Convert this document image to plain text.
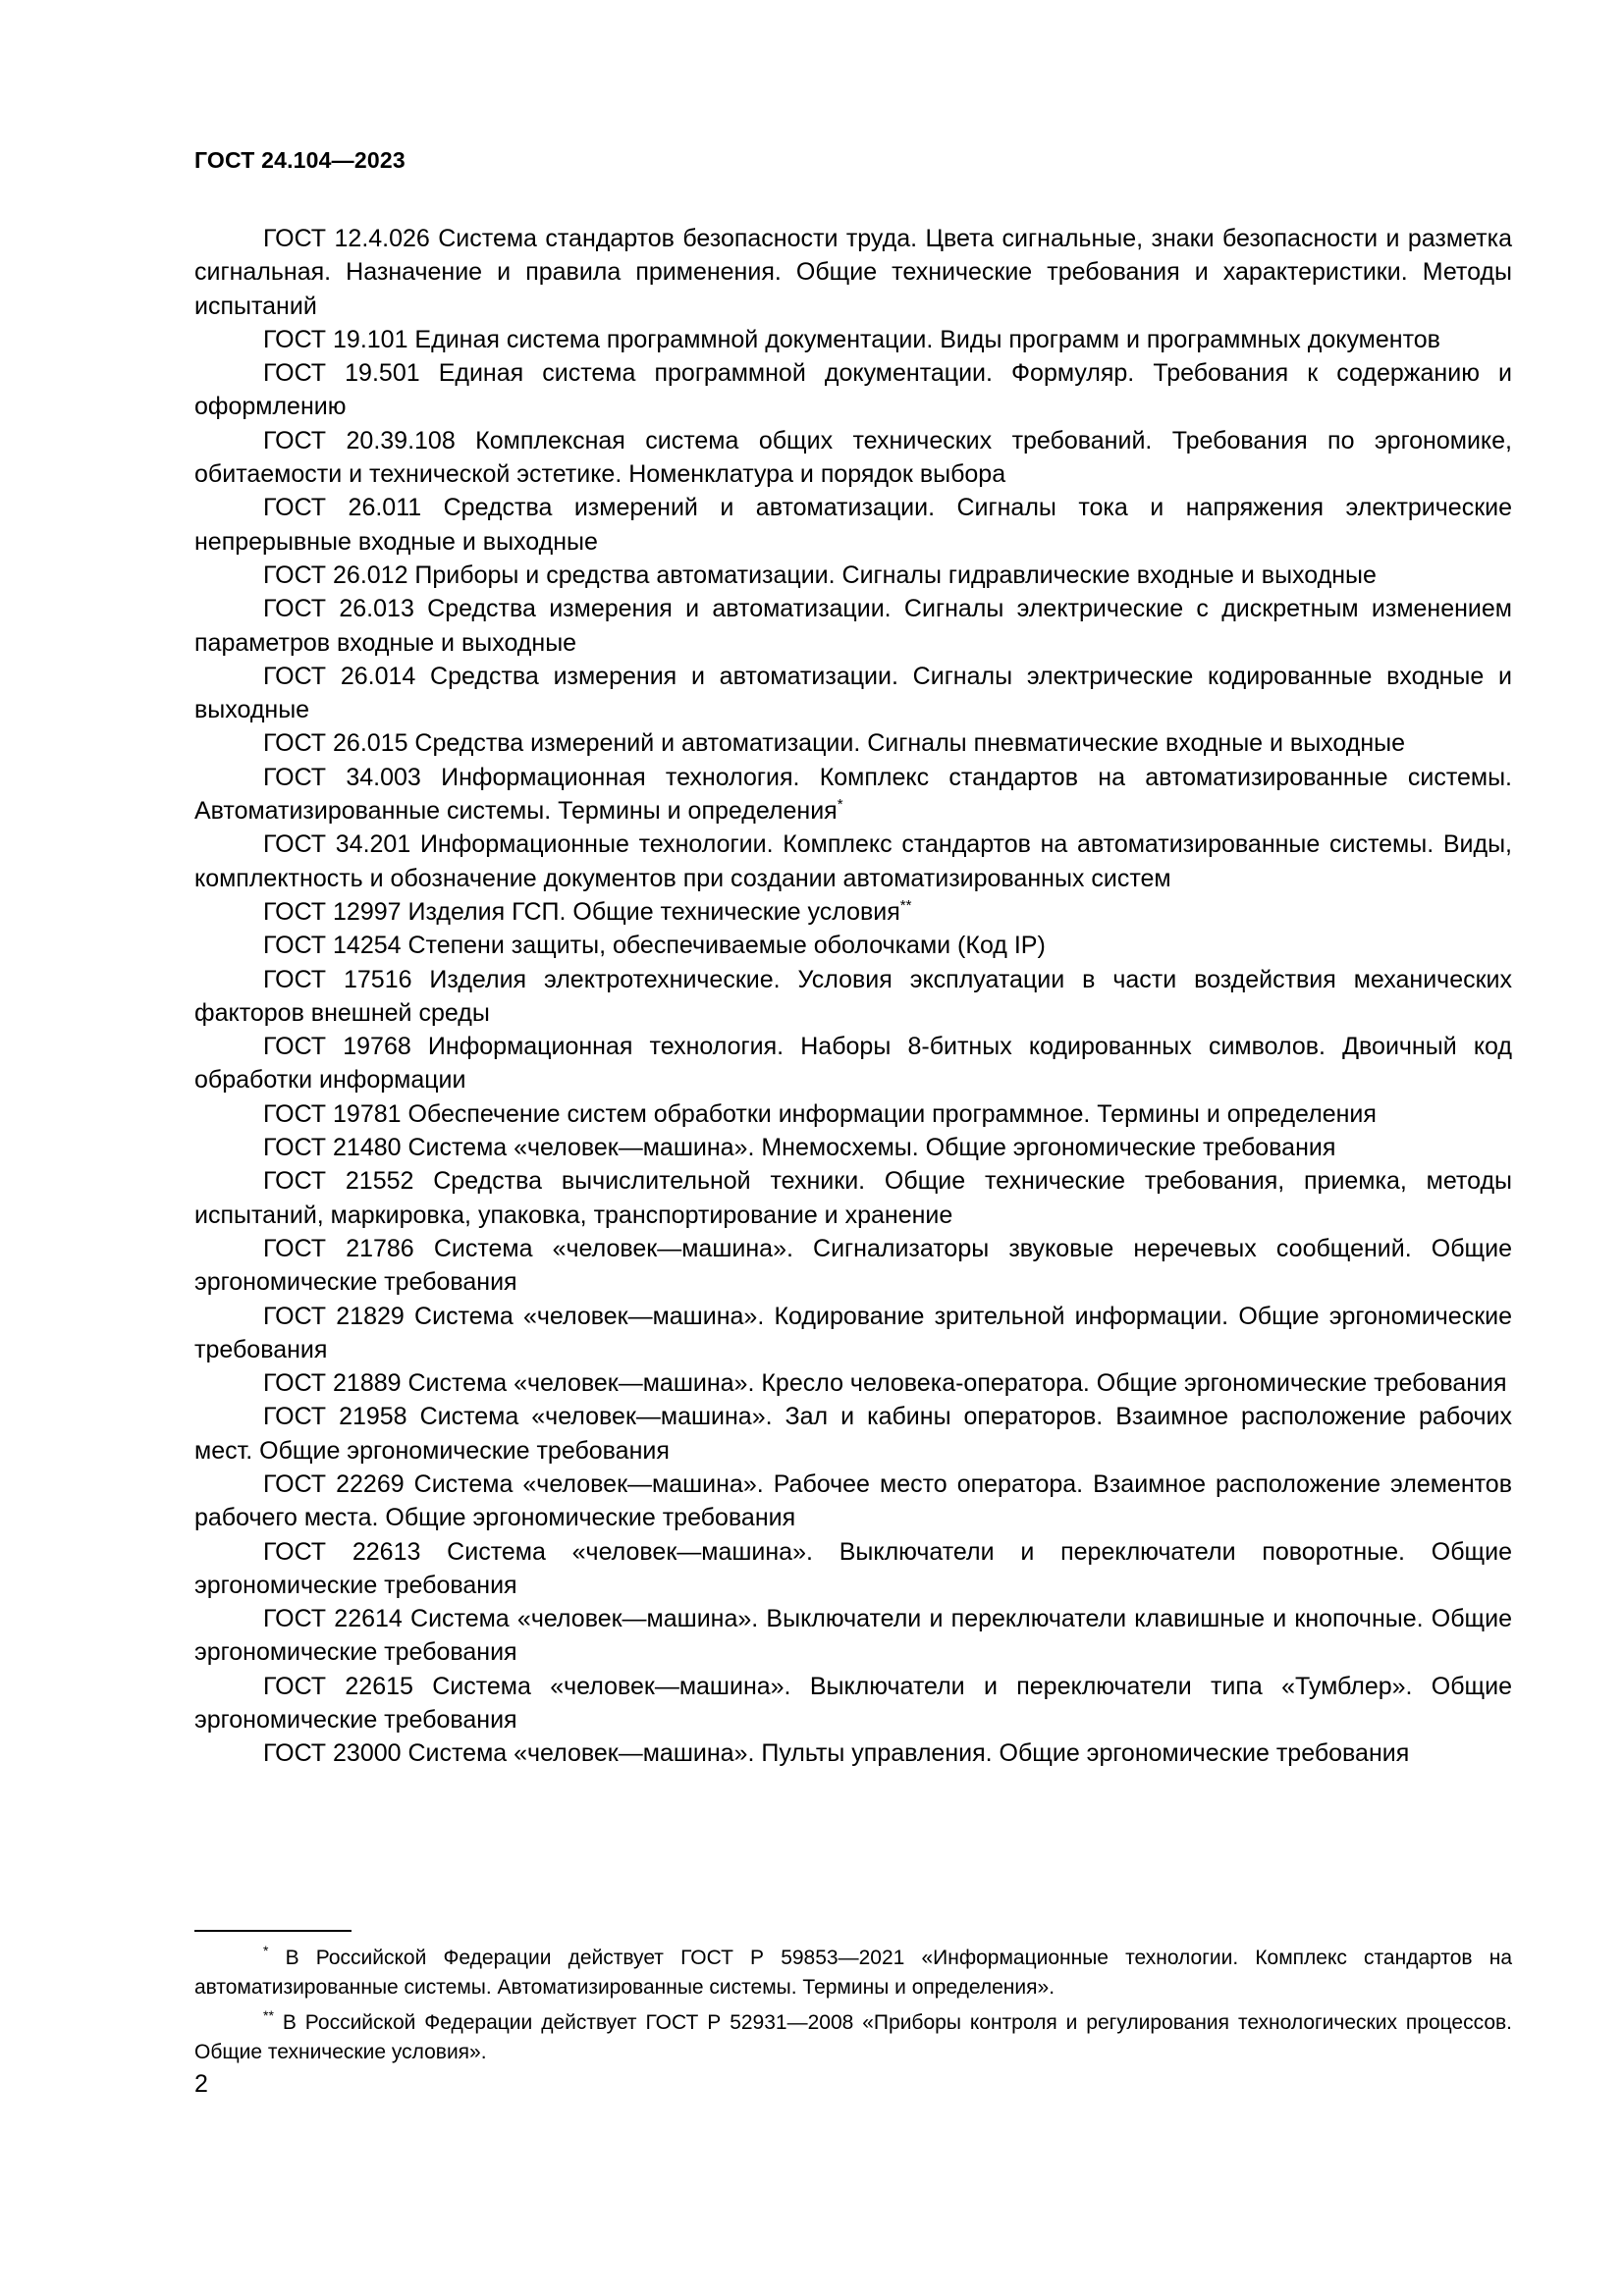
ГОСТ 24.104—2023

ГОСТ 12.4.026 Система стандартов безопасности труда. Цвета сигнальные, знаки безопасности и разметка сигнальная. Назначение и правила применения. Общие технические требования и характеристики. Методы испытаний

ГОСТ 19.101 Единая система программной документации. Виды программ и программных документов

ГОСТ 19.501 Единая система программной документации. Формуляр. Требования к содержанию и оформлению

ГОСТ 20.39.108 Комплексная система общих технических требований. Требования по эргономике, обитаемости и технической эстетике. Номенклатура и порядок выбора

ГОСТ 26.011 Средства измерений и автоматизации. Сигналы тока и напряжения электрические непрерывные входные и выходные

ГОСТ 26.012 Приборы и средства автоматизации. Сигналы гидравлические входные и выходные

ГОСТ 26.013 Средства измерения и автоматизации. Сигналы электрические с дискретным изменением параметров входные и выходные

ГОСТ 26.014 Средства измерения и автоматизации. Сигналы электрические кодированные входные и выходные

ГОСТ 26.015 Средства измерений и автоматизации. Сигналы пневматические входные и выходные

ГОСТ 34.003 Информационная технология. Комплекс стандартов на автоматизированные системы. Автоматизированные системы. Термины и определения*

ГОСТ 34.201 Информационные технологии. Комплекс стандартов на автоматизированные системы. Виды, комплектность и обозначение документов при создании автоматизированных систем

ГОСТ 12997 Изделия ГСП. Общие технические условия**

ГОСТ 14254 Степени защиты, обеспечиваемые оболочками (Код IP)

ГОСТ 17516 Изделия электротехнические. Условия эксплуатации в части воздействия механических факторов внешней среды

ГОСТ 19768 Информационная технология. Наборы 8-битных кодированных символов. Двоичный код обработки информации

ГОСТ 19781 Обеспечение систем обработки информации программное. Термины и определения

ГОСТ 21480 Система «человек—машина». Мнемосхемы. Общие эргономические требования

ГОСТ 21552 Средства вычислительной техники. Общие технические требования, приемка, методы испытаний, маркировка, упаковка, транспортирование и хранение

ГОСТ 21786 Система «человек—машина». Сигнализаторы звуковые неречевых сообщений. Общие эргономические требования

ГОСТ 21829 Система «человек—машина». Кодирование зрительной информации. Общие эргономические требования

ГОСТ 21889 Система «человек—машина». Кресло человека-оператора. Общие эргономические требования

ГОСТ 21958 Система «человек—машина». Зал и кабины операторов. Взаимное расположение рабочих мест. Общие эргономические требования

ГОСТ 22269 Система «человек—машина». Рабочее место оператора. Взаимное расположение элементов рабочего места. Общие эргономические требования

ГОСТ 22613 Система «человек—машина». Выключатели и переключатели поворотные. Общие эргономические требования

ГОСТ 22614 Система «человек—машина». Выключатели и переключатели клавишные и кнопочные. Общие эргономические требования

ГОСТ 22615 Система «человек—машина». Выключатели и переключатели типа «Тумблер». Общие эргономические требования

ГОСТ 23000 Система «человек—машина». Пульты управления. Общие эргономические требования

* В Российской Федерации действует ГОСТ Р 59853—2021 «Информационные технологии. Комплекс стандартов на автоматизированные системы. Автоматизированные системы. Термины и определения».

** В Российской Федерации действует ГОСТ Р 52931—2008 «Приборы контроля и регулирования технологических процессов. Общие технические условия».

2
